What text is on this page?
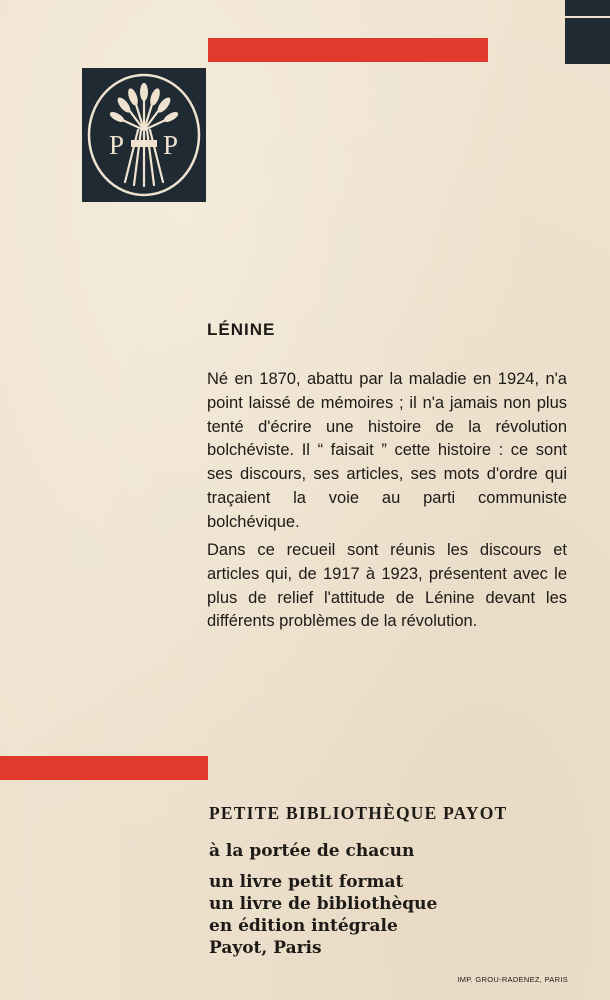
P P
LÉNINE
Né en 1870, abattu par la maladie en 1924, n'a point laissé de mémoires ; il n'a jamais non plus tenté d'écrire une histoire de la révolution bolchéviste. Il “ faisait ” cette histoire : ce sont ses discours, ses articles, ses mots d'ordre qui traçaient la voie au parti communiste bolchévique.
Dans ce recueil sont réunis les discours et articles qui, de 1917 à 1923, présentent avec le plus de relief l'attitude de Lénine devant les différents problèmes de la révolution.
PETITE BIBLIOTHÈQUE PAYOT
à la portée de chacun
un livre petit format
un livre de bibliothèque
en édition intégrale
Payot, Paris
IMP. GROU-RADENEZ, PARIS
